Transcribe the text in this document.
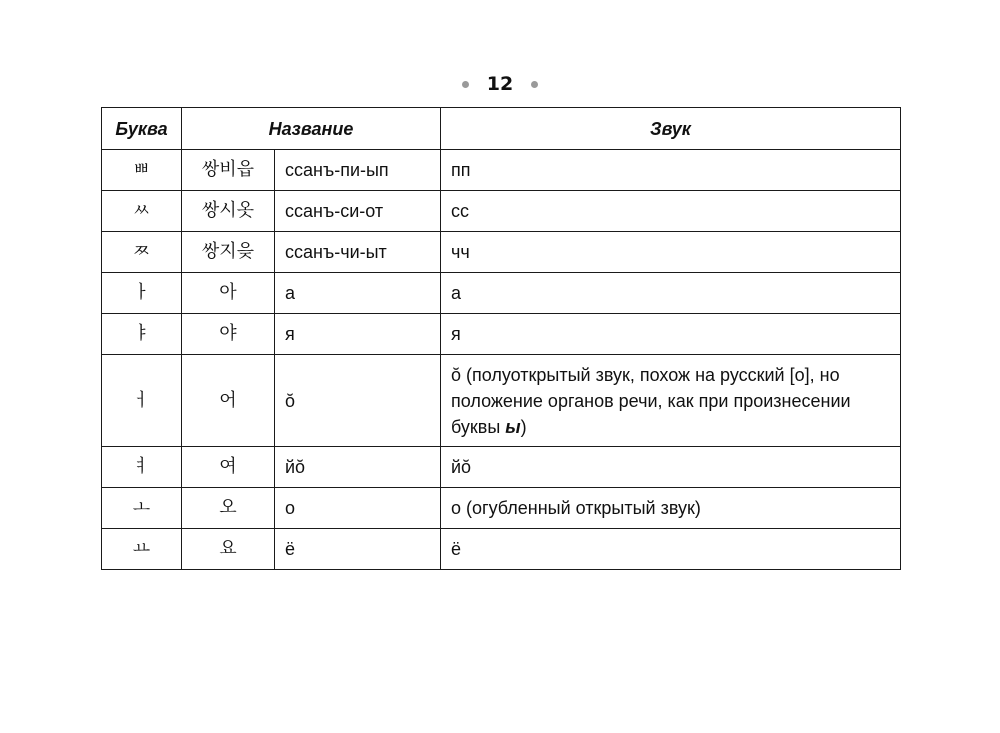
12
Буква	Название		Звук
ㅃ	쌍비읍	ссанъ-пи-ып	пп
ㅆ	쌍시옷	ссанъ-си-от	сс
ㅉ	쌍지읒	ссанъ-чи-ыт	чч
ㅏ	아	а	а
ㅑ	야	я	я
ㅓ	어	ŏ	ŏ (полуоткрытый звук, похож на русский [о], но положение органов речи, как при произнесении буквы ы)
ㅕ	여	йŏ	йŏ
ㅗ	오	о	о (огубленный открытый звук)
ㅛ	요	ё	ё
